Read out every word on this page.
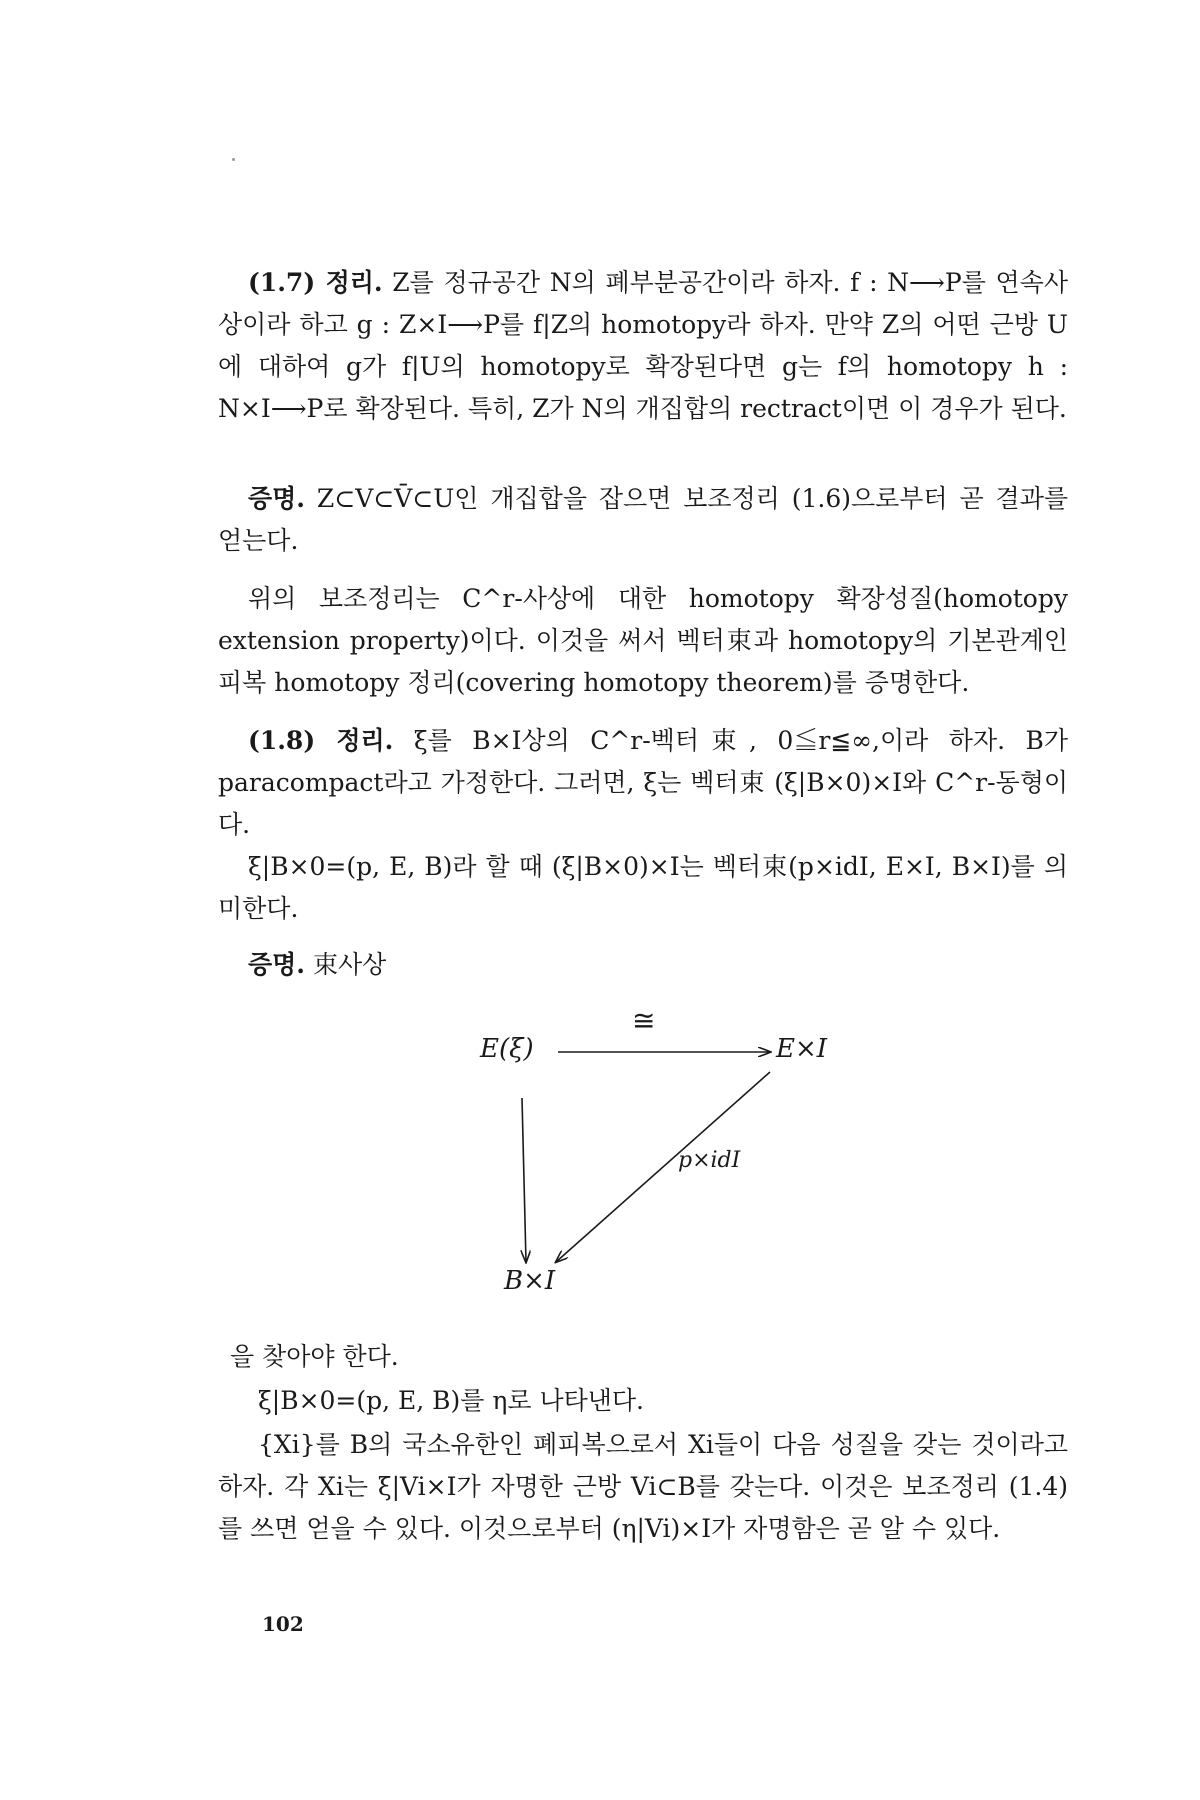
(1.7) 정리. Z를 정규공간 N의 폐부분공간이라 하자. f : N⟶P를 연속사상이라 하고 g : Z×I⟶P를 f|Z의 homotopy라 하자. 만약 Z의 어떤 근방 U에 대하여 g가 f|U의 homotopy로 확장된다면 g는 f의 homotopy h : N×I⟶P로 확장된다. 특히, Z가 N의 개집합의 rectract이면 이 경우가 된다.

증명. Z⊂V⊂V̄⊂U인 개집합을 잡으면 보조정리 (1.6)으로부터 곧 결과를 얻는다.

위의 보조정리는 C^r-사상에 대한 homotopy 확장성질(homotopy extension property)이다. 이것을 써서 벡터束과 homotopy의 기본관계인 피복 homotopy 정리(covering homotopy theorem)를 증명한다.

(1.8) 정리. ξ를 B×I상의 C^r-벡터束, 0≦r≦∞,이라 하자. B가 paracompact라고 가정한다. 그러면, ξ는 벡터束 (ξ|B×0)×I와 C^r-동형이다.

ξ|B×0=(p, E, B)라 할 때 (ξ|B×0)×I는 벡터束(p×idI, E×I, B×I)를 의미한다.

증명. 束사상

E(ξ)	E×I
B×I
≅
p×idI

을 찾아야 한다.

ξ|B×0=(p, E, B)를 η로 나타낸다.

{Xi}를 B의 국소유한인 폐피복으로서 Xi들이 다음 성질을 갖는 것이라고 하자. 각 Xi는 ξ|Vi×I가 자명한 근방 Vi⊂B를 갖는다. 이것은 보조정리 (1.4)를 쓰면 얻을 수 있다. 이것으로부터 (η|Vi)×I가 자명함은 곧 알 수 있다.

102
